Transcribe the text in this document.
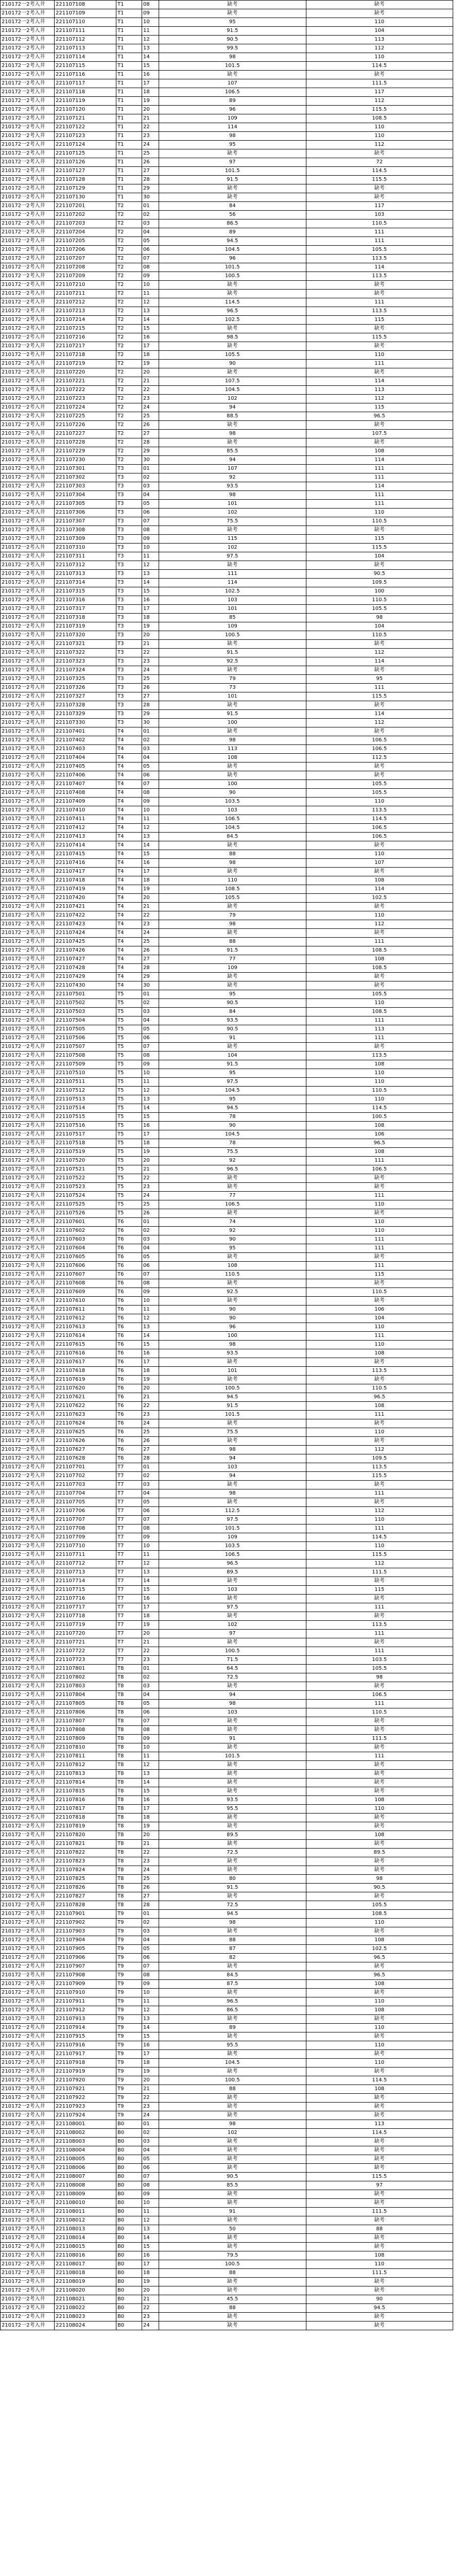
210172一2考入井	221107108	T1	08	缺考	缺考
210172一2考入井	221107109	T1	09	缺考	缺考
210172一2考入井	221107110	T1	10	95	110
210172一2考入井	221107111	T1	11	91.5	104
210172一2考入井	221107112	T1	12	90.5	113
210172一2考入井	221107113	T1	13	99.5	112
210172一2考入井	221107114	T1	14	98	110
210172一2考入井	221107115	T1	15	101.5	114.5
210172一2考入井	221107116	T1	16	缺考	缺考
210172一2考入井	221107117	T1	17	107	111.5
210172一2考入井	221107118	T1	18	106.5	117
210172一2考入井	221107119	T1	19	89	112
210172一2考入井	221107120	T1	20	96	115.5
210172一2考入井	221107121	T1	21	109	108.5
210172一2考入井	221107122	T1	22	114	110
210172一2考入井	221107123	T1	23	98	110
210172一2考入井	221107124	T1	24	95	112
210172一2考入井	221107125	T1	25	缺考	缺考
210172一2考入井	221107126	T1	26	97	72
210172一2考入井	221107127	T1	27	101.5	114.5
210172一2考入井	221107128	T1	28	91.5	115.5
210172一2考入井	221107129	T1	29	缺考	缺考
210172一2考入井	221107130	T1	30	缺考	缺考
210172一2考入井	221107201	T2	01	84	117
210172一2考入井	221107202	T2	02	56	103
210172一2考入井	221107203	T2	03	86.5	110.5
210172一2考入井	221107204	T2	04	89	111
210172一2考入井	221107205	T2	05	94.5	111
210172一2考入井	221107206	T2	06	104.5	105.5
210172一2考入井	221107207	T2	07	96	113.5
210172一2考入井	221107208	T2	08	101.5	114
210172一2考入井	221107209	T2	09	100.5	113.5
210172一2考入井	221107210	T2	10	缺考	缺考
210172一2考入井	221107211	T2	11	缺考	缺考
210172一2考入井	221107212	T2	12	114.5	111
210172一2考入井	221107213	T2	13	96.5	113.5
210172一2考入井	221107214	T2	14	102.5	115
210172一2考入井	221107215	T2	15	缺考	缺考
210172一2考入井	221107216	T2	16	98.5	115.5
210172一2考入井	221107217	T2	17	缺考	缺考
210172一2考入井	221107218	T2	18	105.5	110
210172一2考入井	221107219	T2	19	90	111
210172一2考入井	221107220	T2	20	缺考	缺考
210172一2考入井	221107221	T2	21	107.5	114
210172一2考入井	221107222	T2	22	104.5	113
210172一2考入井	221107223	T2	23	102	112
210172一2考入井	221107224	T2	24	94	115
210172一2考入井	221107225	T2	25	88.5	96.5
210172一2考入井	221107226	T2	26	缺考	缺考
210172一2考入井	221107227	T2	27	98	107.5
210172一2考入井	221107228	T2	28	缺考	缺考
210172一2考入井	221107229	T2	29	85.5	108
210172一2考入井	221107230	T2	30	94	114
210172一2考入井	221107301	T3	01	107	111
210172一2考入井	221107302	T3	02	92	111
210172一2考入井	221107303	T3	03	93.5	114
210172一2考入井	221107304	T3	04	98	111
210172一2考入井	221107305	T3	05	101	111
210172一2考入井	221107306	T3	06	102	110
210172一2考入井	221107307	T3	07	75.5	110.5
210172一2考入井	221107308	T3	08	缺考	缺考
210172一2考入井	221107309	T3	09	115	115
210172一2考入井	221107310	T3	10	102	115.5
210172一2考入井	221107311	T3	11	97.5	104
210172一2考入井	221107312	T3	12	缺考	缺考
210172一2考入井	221107313	T3	13	111	90.5
210172一2考入井	221107314	T3	14	114	109.5
210172一2考入井	221107315	T3	15	102.5	100
210172一2考入井	221107316	T3	16	103	110.5
210172一2考入井	221107317	T3	17	101	105.5
210172一2考入井	221107318	T3	18	85	98
210172一2考入井	221107319	T3	19	109	104
210172一2考入井	221107320	T3	20	100.5	110.5
210172一2考入井	221107321	T3	21	缺考	缺考
210172一2考入井	221107322	T3	22	91.5	112
210172一2考入井	221107323	T3	23	92.5	114
210172一2考入井	221107324	T3	24	缺考	缺考
210172一2考入井	221107325	T3	25	79	95
210172一2考入井	221107326	T3	26	73	111
210172一2考入井	221107327	T3	27	101	115.5
210172一2考入井	221107328	T3	28	缺考	缺考
210172一2考入井	221107329	T3	29	91.5	114
210172一2考入井	221107330	T3	30	100	112
210172一2考入井	221107401	T4	01	缺考	缺考
210172一2考入井	221107402	T4	02	98	106.5
210172一2考入井	221107403	T4	03	113	106.5
210172一2考入井	221107404	T4	04	108	112.5
210172一2考入井	221107405	T4	05	缺考	缺考
210172一2考入井	221107406	T4	06	缺考	缺考
210172一2考入井	221107407	T4	07	100	105.5
210172一2考入井	221107408	T4	08	90	105.5
210172一2考入井	221107409	T4	09	103.5	110
210172一2考入井	221107410	T4	10	103	113.5
210172一2考入井	221107411	T4	11	106.5	114.5
210172一2考入井	221107412	T4	12	104.5	106.5
210172一2考入井	221107413	T4	13	84.5	106.5
210172一2考入井	221107414	T4	14	缺考	缺考
210172一2考入井	221107415	T4	15	88	110
210172一2考入井	221107416	T4	16	98	107
210172一2考入井	221107417	T4	17	缺考	缺考
210172一2考入井	221107418	T4	18	110	108
210172一2考入井	221107419	T4	19	108.5	114
210172一2考入井	221107420	T4	20	105.5	102.5
210172一2考入井	221107421	T4	21	缺考	缺考
210172一2考入井	221107422	T4	22	79	110
210172一2考入井	221107423	T4	23	98	112
210172一2考入井	221107424	T4	24	缺考	缺考
210172一2考入井	221107425	T4	25	88	111
210172一2考入井	221107426	T4	26	91.5	108.5
210172一2考入井	221107427	T4	27	77	108
210172一2考入井	221107428	T4	28	109	108.5
210172一2考入井	221107429	T4	29	缺考	缺考
210172一2考入井	221107430	T4	30	缺考	缺考
210172一2考入井	221107501	T5	01	95	105.5
210172一2考入井	221107502	T5	02	90.5	110
210172一2考入井	221107503	T5	03	84	108.5
210172一2考入井	221107504	T5	04	93.5	111
210172一2考入井	221107505	T5	05	90.5	113
210172一2考入井	221107506	T5	06	91	111
210172一2考入井	221107507	T5	07	缺考	缺考
210172一2考入井	221107508	T5	08	104	113.5
210172一2考入井	221107509	T5	09	91.5	108
210172一2考入井	221107510	T5	10	95	110
210172一2考入井	221107511	T5	11	97.5	110
210172一2考入井	221107512	T5	12	104.5	110.5
210172一2考入井	221107513	T5	13	95	110
210172一2考入井	221107514	T5	14	94.5	114.5
210172一2考入井	221107515	T5	15	78	100.5
210172一2考入井	221107516	T5	16	90	108
210172一2考入井	221107517	T5	17	104.5	106
210172一2考入井	221107518	T5	18	78	96.5
210172一2考入井	221107519	T5	19	75.5	108
210172一2考入井	221107520	T5	20	92	111
210172一2考入井	221107521	T5	21	96.5	106.5
210172一2考入井	221107522	T5	22	缺考	缺考
210172一2考入井	221107523	T5	23	缺考	缺考
210172一2考入井	221107524	T5	24	77	111
210172一2考入井	221107525	T5	25	106.5	110
210172一2考入井	221107526	T5	26	缺考	缺考
210172一2考入井	221107601	T6	01	74	110
210172一2考入井	221107602	T6	02	92	110
210172一2考入井	221107603	T6	03	90	111
210172一2考入井	221107604	T6	04	95	111
210172一2考入井	221107605	T6	05	缺考	缺考
210172一2考入井	221107606	T6	06	108	111
210172一2考入井	221107607	T6	07	110.5	115
210172一2考入井	221107608	T6	08	缺考	缺考
210172一2考入井	221107609	T6	09	92.5	110.5
210172一2考入井	221107610	T6	10	缺考	缺考
210172一2考入井	221107611	T6	11	90	106
210172一2考入井	221107612	T6	12	90	104
210172一2考入井	221107613	T6	13	96	110
210172一2考入井	221107614	T6	14	100	111
210172一2考入井	221107615	T6	15	98	110
210172一2考入井	221107616	T6	16	93.5	108
210172一2考入井	221107617	T6	17	缺考	缺考
210172一2考入井	221107618	T6	18	101	113.5
210172一2考入井	221107619	T6	19	缺考	缺考
210172一2考入井	221107620	T6	20	100.5	110.5
210172一2考入井	221107621	T6	21	94.5	96.5
210172一2考入井	221107622	T6	22	91.5	108
210172一2考入井	221107623	T6	23	101.5	111
210172一2考入井	221107624	T6	24	缺考	缺考
210172一2考入井	221107625	T6	25	75.5	110
210172一2考入井	221107626	T6	26	缺考	缺考
210172一2考入井	221107627	T6	27	98	112
210172一2考入井	221107628	T6	28	94	109.5
210172一2考入井	221107701	T7	01	103	113.5
210172一2考入井	221107702	T7	02	94	115.5
210172一2考入井	221107703	T7	03	缺考	缺考
210172一2考入井	221107704	T7	04	98	111
210172一2考入井	221107705	T7	05	缺考	缺考
210172一2考入井	221107706	T7	06	112.5	112
210172一2考入井	221107707	T7	07	97.5	110
210172一2考入井	221107708	T7	08	101.5	111
210172一2考入井	221107709	T7	09	109	114.5
210172一2考入井	221107710	T7	10	103.5	110
210172一2考入井	221107711	T7	11	106.5	115.5
210172一2考入井	221107712	T7	12	96.5	112
210172一2考入井	221107713	T7	13	89.5	111.5
210172一2考入井	221107714	T7	14	缺考	缺考
210172一2考入井	221107715	T7	15	103	115
210172一2考入井	221107716	T7	16	缺考	缺考
210172一2考入井	221107717	T7	17	97.5	111
210172一2考入井	221107718	T7	18	缺考	缺考
210172一2考入井	221107719	T7	19	102	113.5
210172一2考入井	221107720	T7	20	97	111
210172一2考入井	221107721	T7	21	缺考	缺考
210172一2考入井	221107722	T7	22	100.5	111
210172一2考入井	221107723	T7	23	71.5	103.5
210172一2考入井	221107801	T8	01	64.5	105.5
210172一2考入井	221107802	T8	02	72.5	98
210172一2考入井	221107803	T8	03	缺考	缺考
210172一2考入井	221107804	T8	04	94	106.5
210172一2考入井	221107805	T8	05	98	111
210172一2考入井	221107806	T8	06	103	110.5
210172一2考入井	221107807	T8	07	缺考	缺考
210172一2考入井	221107808	T8	08	缺考	缺考
210172一2考入井	221107809	T8	09	91	111.5
210172一2考入井	221107810	T8	10	缺考	缺考
210172一2考入井	221107811	T8	11	101.5	111
210172一2考入井	221107812	T8	12	缺考	缺考
210172一2考入井	221107813	T8	13	缺考	缺考
210172一2考入井	221107814	T8	14	缺考	缺考
210172一2考入井	221107815	T8	15	缺考	缺考
210172一2考入井	221107816	T8	16	93.5	108
210172一2考入井	221107817	T8	17	95.5	110
210172一2考入井	221107818	T8	18	缺考	缺考
210172一2考入井	221107819	T8	19	缺考	缺考
210172一2考入井	221107820	T8	20	89.5	108
210172一2考入井	221107821	T8	21	缺考	缺考
210172一2考入井	221107822	T8	22	72.5	89.5
210172一2考入井	221107823	T8	23	缺考	缺考
210172一2考入井	221107824	T8	24	缺考	缺考
210172一2考入井	221107825	T8	25	80	98
210172一2考入井	221107826	T8	26	91.5	90.5
210172一2考入井	221107827	T8	27	缺考	缺考
210172一2考入井	221107828	T8	28	72.5	105.5
210172一2考入井	221107901	T9	01	94.5	108.5
210172一2考入井	221107902	T9	02	98	110
210172一2考入井	221107903	T9	03	缺考	缺考
210172一2考入井	221107904	T9	04	88	108
210172一2考入井	221107905	T9	05	87	102.5
210172一2考入井	221107906	T9	06	82	96.5
210172一2考入井	221107907	T9	07	缺考	缺考
210172一2考入井	221107908	T9	08	84.5	96.5
210172一2考入井	221107909	T9	09	87.5	108
210172一2考入井	221107910	T9	10	缺考	缺考
210172一2考入井	221107911	T9	11	96.5	110
210172一2考入井	221107912	T9	12	86.5	108
210172一2考入井	221107913	T9	13	缺考	缺考
210172一2考入井	221107914	T9	14	89	110
210172一2考入井	221107915	T9	15	缺考	缺考
210172一2考入井	221107916	T9	16	95.5	110
210172一2考入井	221107917	T9	17	缺考	缺考
210172一2考入井	221107918	T9	18	104.5	110
210172一2考入井	221107919	T9	19	缺考	缺考
210172一2考入井	221107920	T9	20	100.5	114.5
210172一2考入井	221107921	T9	21	88	108
210172一2考入井	221107922	T9	22	缺考	缺考
210172一2考入井	221107923	T9	23	缺考	缺考
210172一2考入井	221107924	T9	24	缺考	缺考
210172一2考入井	221108001	B0	01	98	113
210172一2考入井	221108002	B0	02	102	114.5
210172一2考入井	221108003	B0	03	缺考	缺考
210172一2考入井	221108004	B0	04	缺考	缺考
210172一2考入井	221108005	B0	05	缺考	缺考
210172一2考入井	221108006	B0	06	缺考	缺考
210172一2考入井	221108007	B0	07	90.5	115.5
210172一2考入井	221108008	B0	08	85.5	97
210172一2考入井	221108009	B0	09	缺考	缺考
210172一2考入井	221108010	B0	10	缺考	缺考
210172一2考入井	221108011	B0	11	91	111.5
210172一2考入井	221108012	B0	12	缺考	缺考
210172一2考入井	221108013	B0	13	50	88
210172一2考入井	221108014	B0	14	缺考	缺考
210172一2考入井	221108015	B0	15	缺考	缺考
210172一2考入井	221108016	B0	16	79.5	108
210172一2考入井	221108017	B0	17	100.5	110
210172一2考入井	221108018	B0	18	88	111.5
210172一2考入井	221108019	B0	19	缺考	缺考
210172一2考入井	221108020	B0	20	缺考	缺考
210172一2考入井	221108021	B0	21	45.5	90
210172一2考入井	221108022	B0	22	88	94.5
210172一2考入井	221108023	B0	23	缺考	缺考
210172一2考入井	221108024	B0	24	缺考	缺考
